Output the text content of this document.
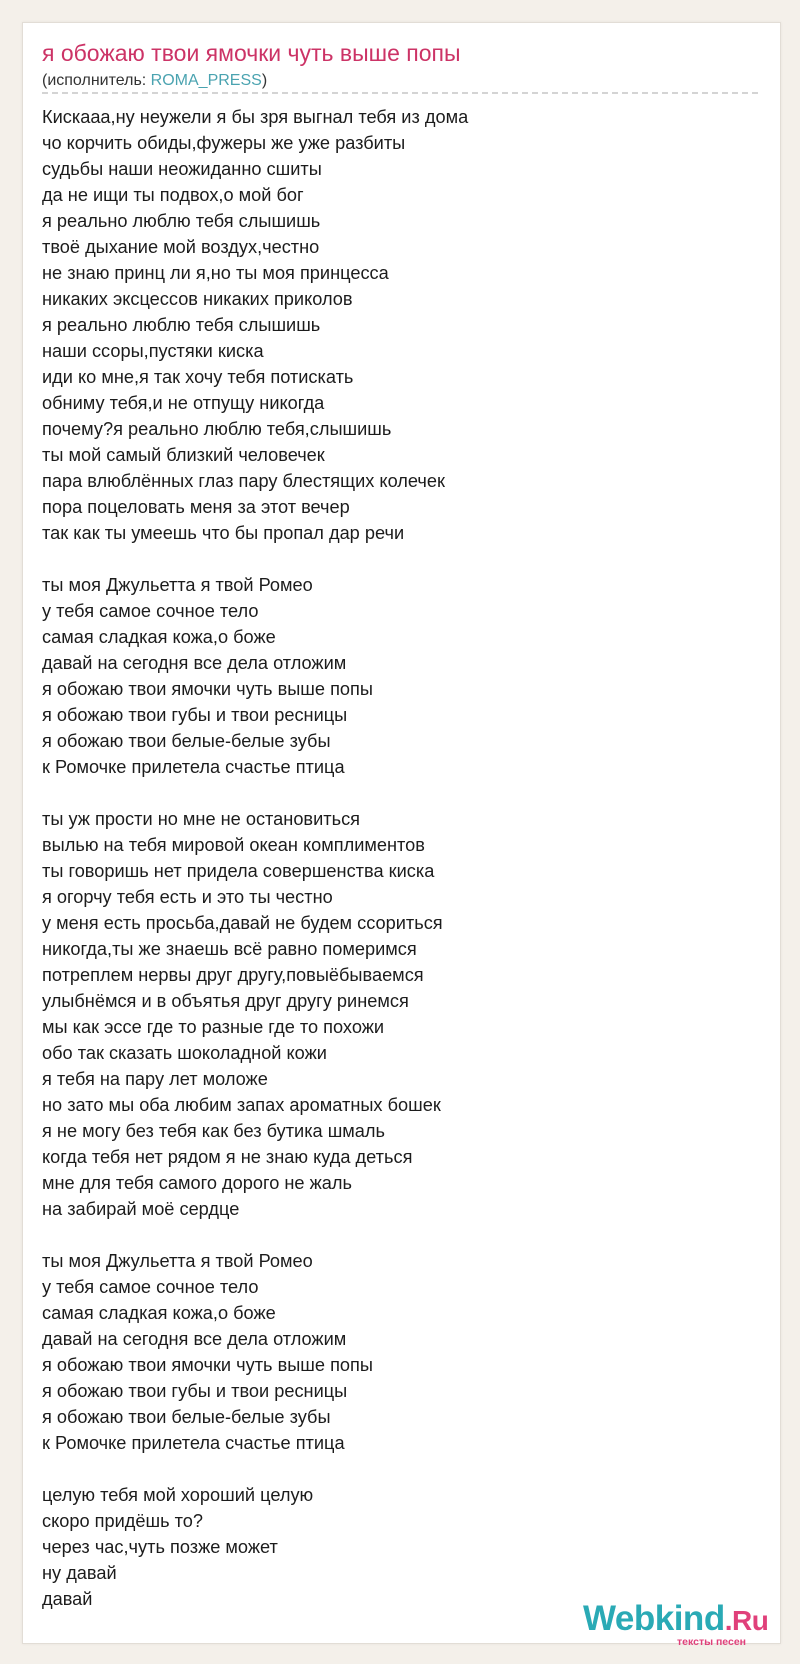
я обожаю твои ямочки чуть выше попы
(исполнитель: ROMA_PRESS)
Кискааа,ну неужели я бы зря выгнал тебя из дома
чо корчить обиды,фужеры же уже разбиты
судьбы наши неожиданно сшиты
да не ищи ты подвох,о мой бог
я реально люблю тебя слышишь
твоё дыхание мой воздух,честно
не знаю принц ли я,но ты моя принцесса
никаких эксцессов никаких приколов
я реально люблю тебя слышишь
наши ссоры,пустяки киска
иди ко мне,я так хочу тебя потискать
обниму тебя,и не отпущу никогда
почему?я реально люблю тебя,слышишь
ты мой самый близкий человечек
пара влюблённых глаз пару блестящих колечек
пора поцеловать меня за этот вечер
так как ты умеешь что бы пропал дар речи
ты моя Джульетта я твой Ромео
у тебя самое сочное тело
самая сладкая кожа,о боже
давай на сегодня все дела отложим
я обожаю твои ямочки чуть выше попы
я обожаю твои губы и твои ресницы
я обожаю твои белые-белые зубы
к Ромочке прилетела счастье птица
ты уж прости но мне не остановиться
вылью на тебя мировой океан комплиментов
ты говоришь нет придела совершенства киска
я огорчу тебя есть и это ты честно
у меня есть просьба,давай не будем ссориться
никогда,ты же знаешь всё равно померимся
потреплем нервы друг другу,повыёбываемся
улыбнёмся и в объятья друг другу ринемся
мы как эссе где то разные где то похожи
обо так сказать шоколадной кожи
я тебя на пару лет моложе
но зато мы оба любим запах ароматных бошек
я не могу без тебя как без бутика шмаль
когда тебя нет рядом я не знаю куда деться
мне для тебя самого дорого не жаль
на забирай моё сердце
ты моя Джульетта я твой Ромео
у тебя самое сочное тело
самая сладкая кожа,о боже
давай на сегодня все дела отложим
я обожаю твои ямочки чуть выше попы
я обожаю твои губы и твои ресницы
я обожаю твои белые-белые зубы
к Ромочке прилетела счастье птица
целую тебя мой хороший целую
скоро придёшь то?
через час,чуть позже может
ну давай
давай	Webkind.Ru
тексты песен
